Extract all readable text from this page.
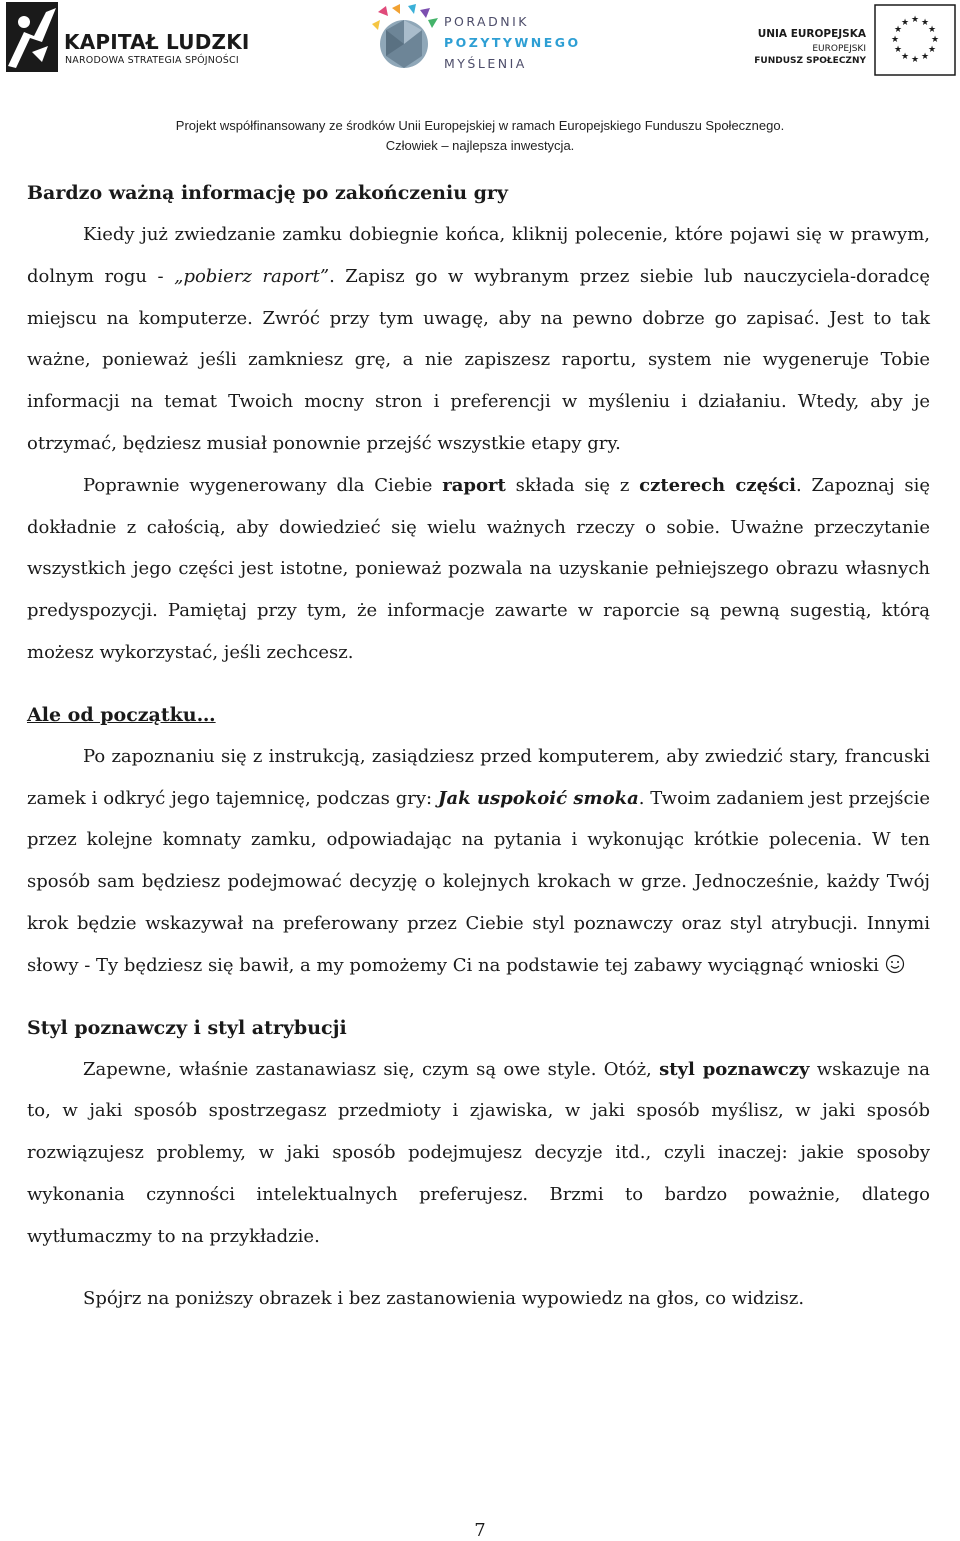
KAPITAŁ LUDZKI
NARODOWA STRATEGIA SPÓJNOŚCI
PORADNIK
POZYTYWNEGO
MYŚLENIA
UNIA EUROPEJSKA
EUROPEJSKI
FUNDUSZ SPOŁECZNY
★ ★
★
★
★
★
★
★
★
★
★
★
Projekt współfinansowany ze środków Unii Europejskiej w ramach Europejskiego Funduszu Społecznego.
Człowiek – najlepsza inwestycja.
Bardzo ważną informację po zakończeniu gry

Kiedy już zwiedzanie zamku dobiegnie końca, kliknij polecenie, które pojawi się w prawym, dolnym rogu - „pobierz raport”. Zapisz go w wybranym przez siebie lub nauczyciela-doradcę miejscu na komputerze. Zwróć przy tym uwagę, aby na pewno dobrze go zapisać. Jest to tak ważne, ponieważ jeśli zamkniesz grę, a nie zapiszesz raportu, system nie wygeneruje Tobie informacji na temat Twoich mocny stron i preferencji w myśleniu i działaniu. Wtedy, aby je otrzymać, będziesz musiał ponownie przejść wszystkie etapy gry.

Poprawnie wygenerowany dla Ciebie raport składa się z czterech części. Zapoznaj się dokładnie z całością, aby dowiedzieć się wielu ważnych rzeczy o sobie. Uważne przeczytanie wszystkich jego części jest istotne, ponieważ pozwala na uzyskanie pełniejszego obrazu własnych predyspozycji. Pamiętaj przy tym, że informacje zawarte w raporcie są pewną sugestią, którą możesz wykorzystać, jeśli zechcesz.

Ale od początku…

Po zapoznaniu się z instrukcją, zasiądziesz przed komputerem, aby zwiedzić stary, francuski zamek i odkryć jego tajemnicę, podczas gry: Jak uspokoić smoka. Twoim zadaniem jest przejście przez kolejne komnaty zamku, odpowiadając na pytania i wykonując krótkie polecenia. W ten sposób sam będziesz podejmować decyzję o kolejnych krokach w grze. Jednocześnie, każdy Twój krok będzie wskazywał na preferowany przez Ciebie styl poznawczy oraz styl atrybucji. Innymi słowy - Ty będziesz się bawił, a my pomożemy Ci na podstawie tej zabawy wyciągnąć wnioski

Styl poznawczy i styl atrybucji

Zapewne, właśnie zastanawiasz się, czym są owe style. Otóż, styl poznawczy wskazuje na to, w jaki sposób spostrzegasz przedmioty i zjawiska, w jaki sposób myślisz, w jaki sposób rozwiązujesz problemy, w jaki sposób podejmujesz decyzje itd., czyli inaczej: jakie sposoby wykonania czynności intelektualnych preferujesz. Brzmi to bardzo poważnie, dlatego wytłumaczmy to na przykładzie.

Spójrz na poniższy obrazek i bez zastanowienia wypowiedz na głos, co widzisz.

7
